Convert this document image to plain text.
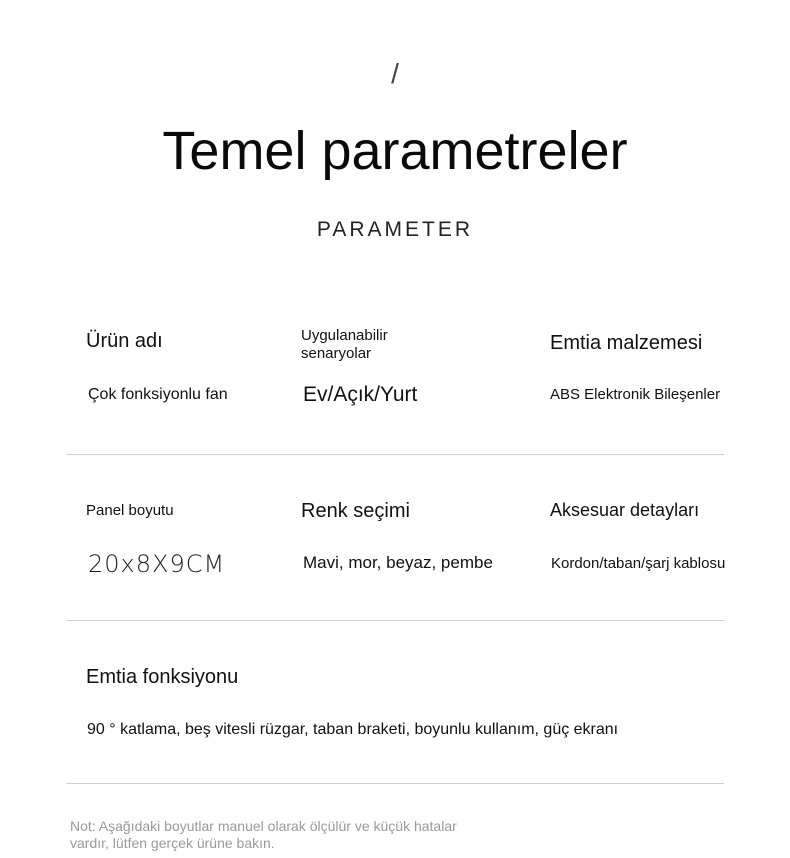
/
Temel parametreler
PARAMETER
Ürün adı	Uygulanabilir senaryolar	Emtia malzemesi
Çok fonksiyonlu fan	Ev/Açık/Yurt	ABS Elektronik Bileşenler
Panel boyutu	Renk seçimi	Aksesuar detayları
20x8X9CM	Mavi, mor, beyaz, pembe	Kordon/taban/şarj kablosu
Emtia fonksiyonu
90 ° katlama, beş vitesli rüzgar, taban braketi, boyunlu kullanım, güç ekranı
Not: Aşağıdaki boyutlar manuel olarak ölçülür ve küçük hatalar vardır, lütfen gerçek ürüne bakın.
